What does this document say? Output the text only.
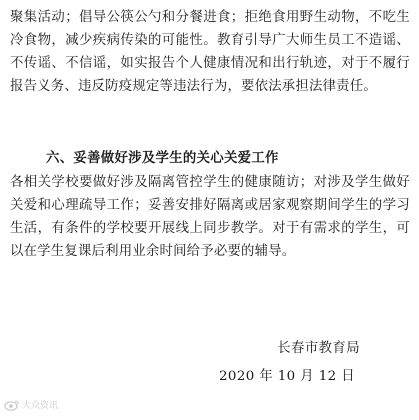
聚集活动；倡导公筷公勺和分餐进食；拒绝食用野生动物，不吃生冷食物，减少疾病传染的可能性。教育引导广大师生员工不造谣、不传谣、不信谣，如实报告个人健康情况和出行轨迹，对于不履行报告义务、违反防疫规定等违法行为，要依法承担法律责任。

六、妥善做好涉及学生的关心关爱工作

各相关学校要做好涉及隔离管控学生的健康随访；对涉及学生做好关爱和心理疏导工作；妥善安排好隔离或居家观察期间学生的学习生活，有条件的学校要开展线上同步教学。对于有需求的学生，可以在学生复课后利用业余时间给予必要的辅导。

长春市教育局
2020 年 10 月 12 日
大众资讯
